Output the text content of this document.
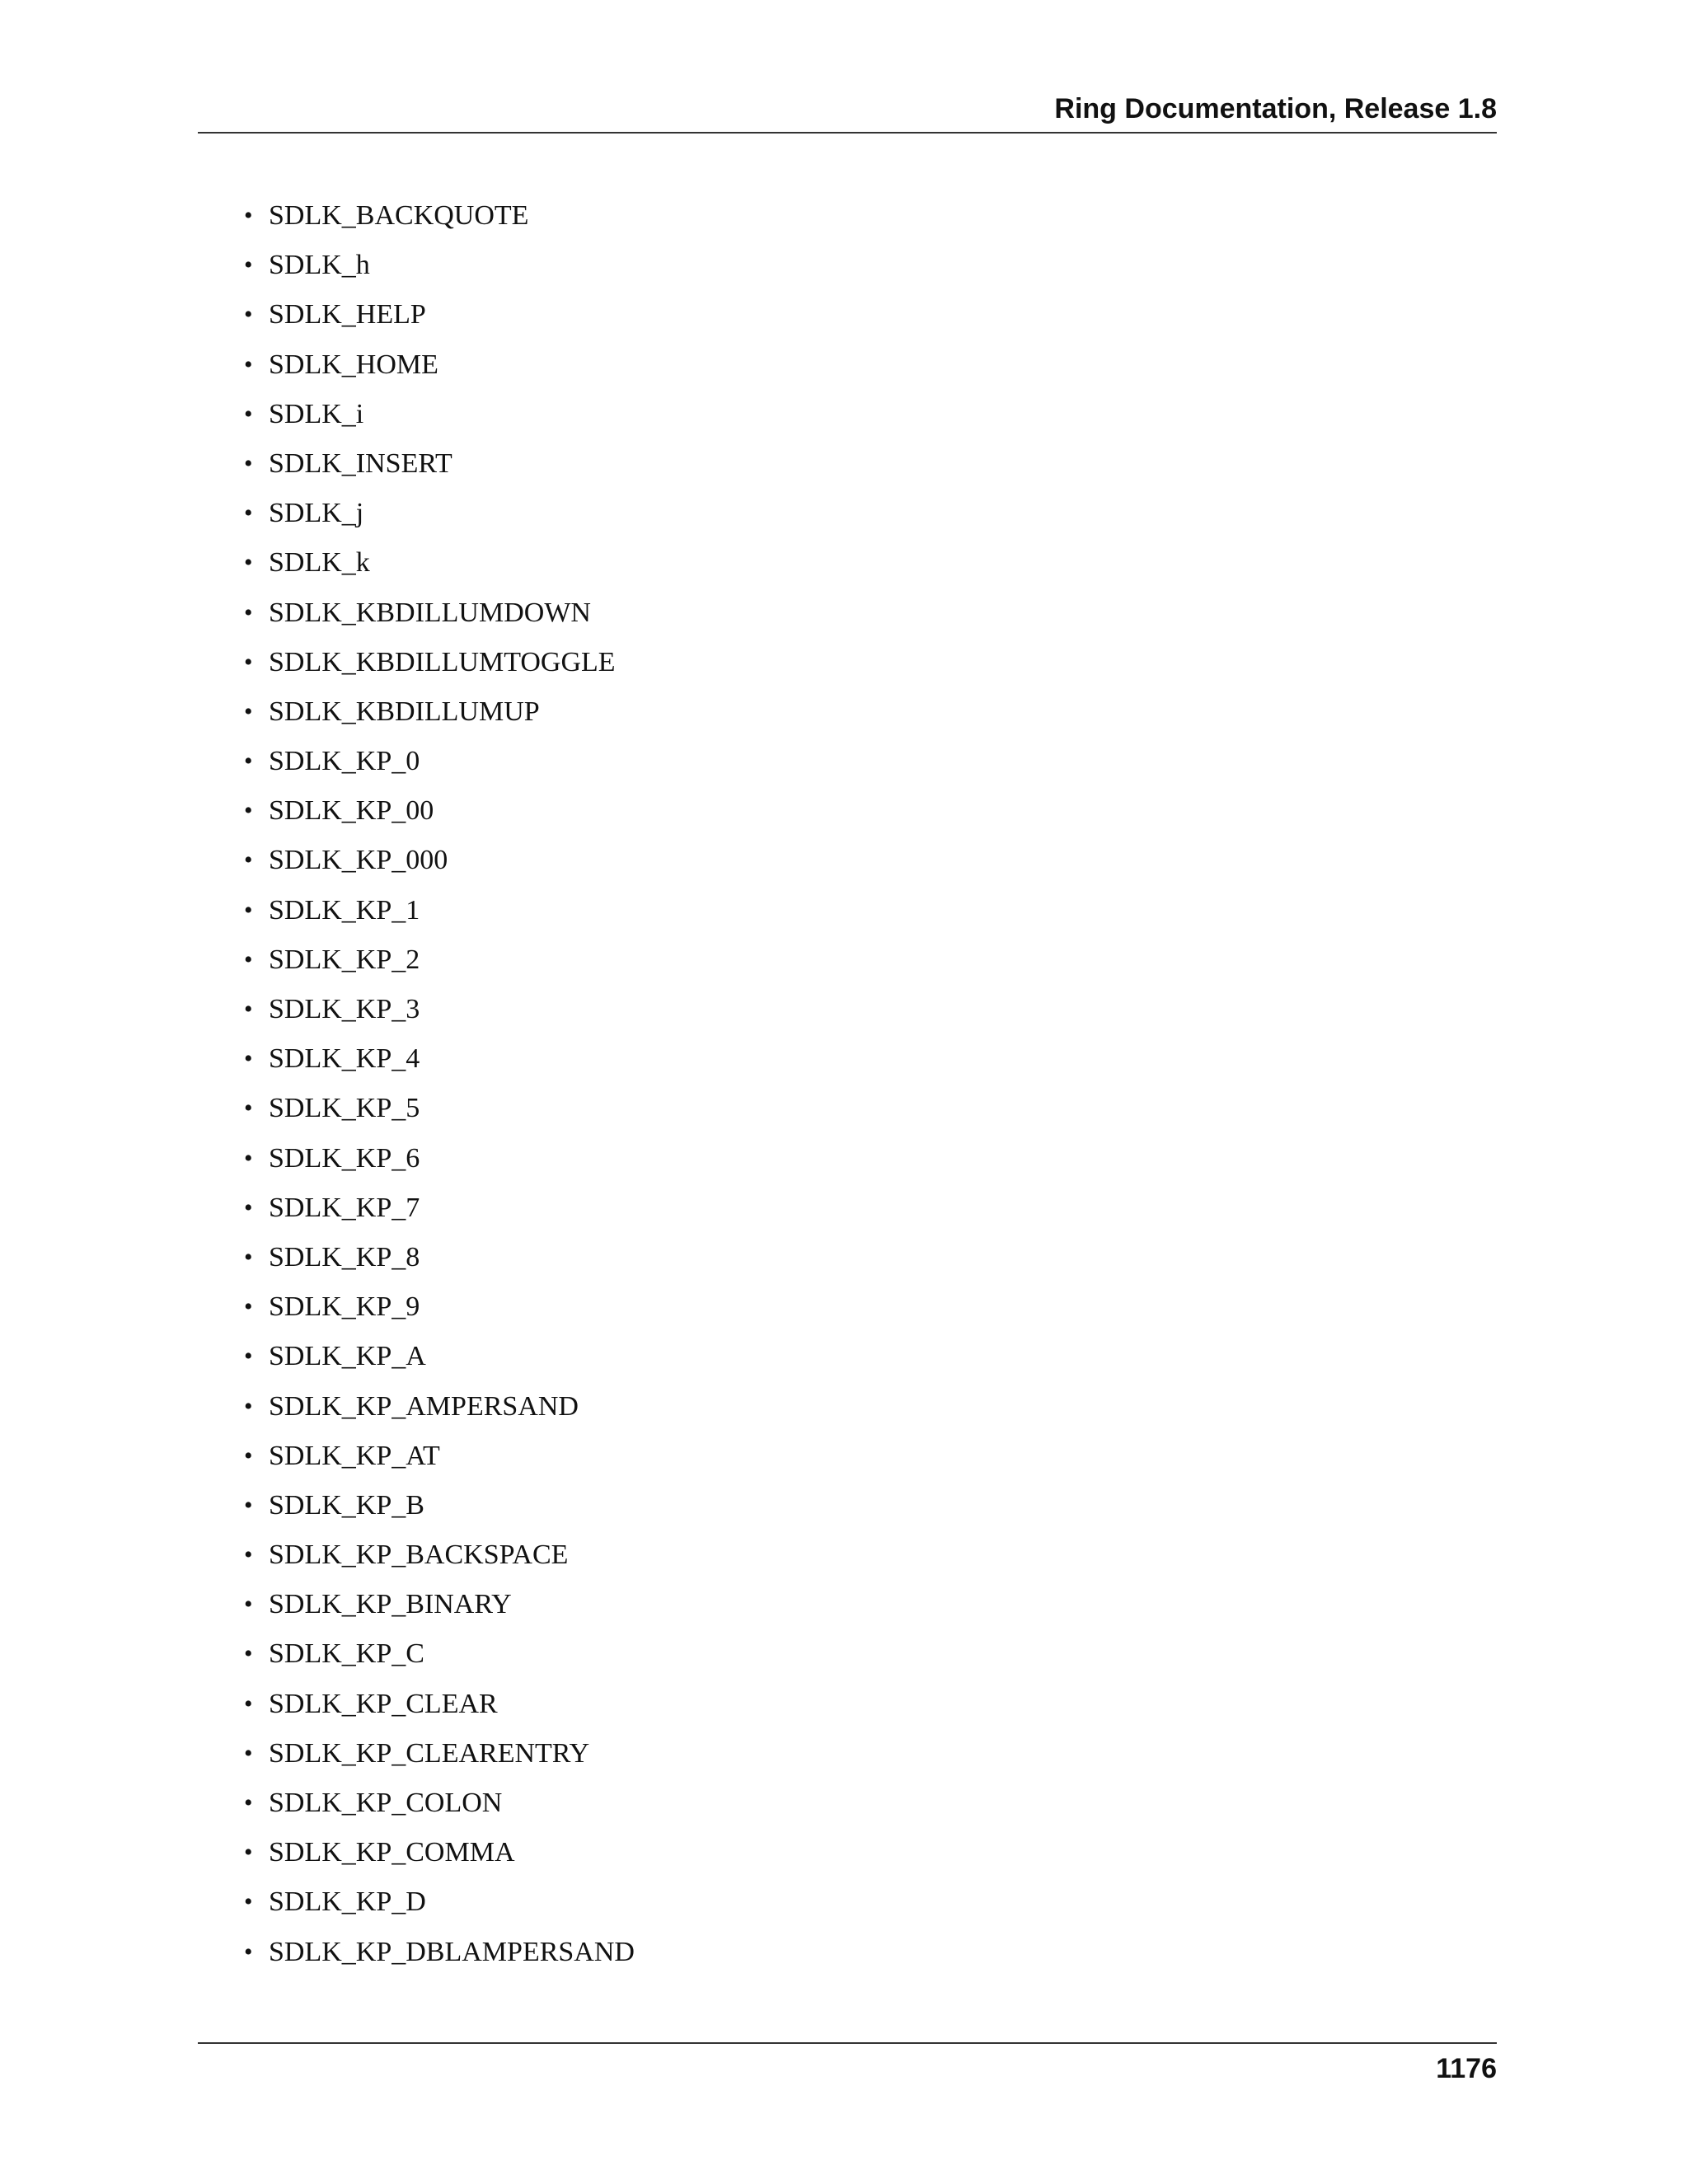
Ring Documentation, Release 1.8
• SDLK_BACKQUOTE
• SDLK_h
• SDLK_HELP
• SDLK_HOME
• SDLK_i
• SDLK_INSERT
• SDLK_j
• SDLK_k
• SDLK_KBDILLUMDOWN
• SDLK_KBDILLUMTOGGLE
• SDLK_KBDILLUMUP
• SDLK_KP_0
• SDLK_KP_00
• SDLK_KP_000
• SDLK_KP_1
• SDLK_KP_2
• SDLK_KP_3
• SDLK_KP_4
• SDLK_KP_5
• SDLK_KP_6
• SDLK_KP_7
• SDLK_KP_8
• SDLK_KP_9
• SDLK_KP_A
• SDLK_KP_AMPERSAND
• SDLK_KP_AT
• SDLK_KP_B
• SDLK_KP_BACKSPACE
• SDLK_KP_BINARY
• SDLK_KP_C
• SDLK_KP_CLEAR
• SDLK_KP_CLEARENTRY
• SDLK_KP_COLON
• SDLK_KP_COMMA
• SDLK_KP_D
• SDLK_KP_DBLAMPERSAND
1176
